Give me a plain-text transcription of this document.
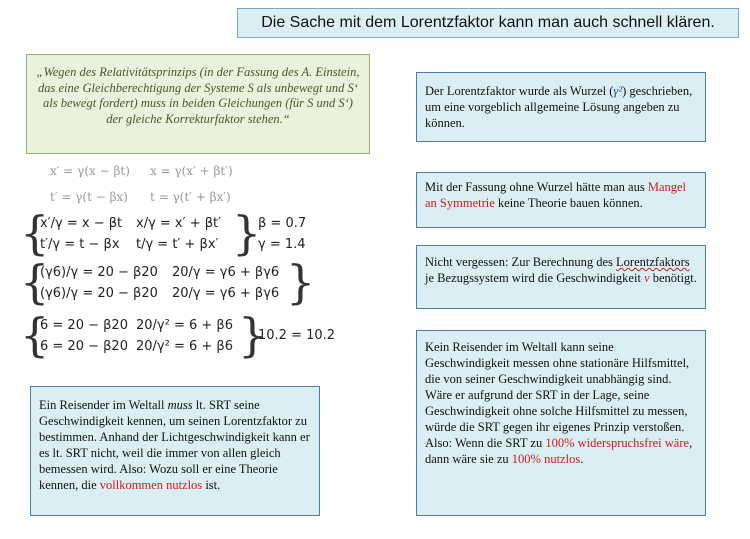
Die Sache mit dem Lorentzfaktor kann man auch schnell klären.
„Wegen des Relativitätsprinzips (in der Fassung des A. Einstein, das eine Gleichberechtigung der Systeme S als unbewegt und S‘ als bewegt fordert) muss in beiden Gleichungen (für S und S‘) der gleiche Korrekturfaktor stehen.“
x′ = γ(x − βt) x = γ(x′ + βt′)
t′ = γ(t − βx) t = γ(t′ + βx′)
{
x′/γ = x − βt x/γ = x′ + βt′
t′/γ = t − βx t/γ = t′ + βx′ }
β = 0.7
γ = 1.4
{
(γ6)/γ = 20 − β20 20/γ = γ6 + βγ6
(γ6)/γ = 20 − β20 20/γ = γ6 + βγ6 }
{
6 = 20 − β20 20/γ² = 6 + β6
6 = 20 − β20 20/γ² = 6 + β6 }
10.2 = 10.2
Der Lorentzfaktor wurde als Wurzel (γ²) geschrieben, um eine vorgeblich allgemeine Lösung angeben zu können.
Mit der Fassung ohne Wurzel hätte man aus Mangel an Symmetrie keine Theorie bauen können.
Nicht vergessen: Zur Berechnung des Lorentzfaktors je Bezugssystem wird die Geschwindigkeit v benötigt.
Kein Reisender im Weltall kann seine Geschwindigkeit messen ohne stationäre Hilfsmittel, die von seiner Geschwindigkeit unabhängig sind.
Wäre er aufgrund der SRT in der Lage, seine Geschwindigkeit ohne solche Hilfsmittel zu messen, würde die SRT gegen ihr eigenes Prinzip verstoßen.
Also: Wenn die SRT zu 100% widerspruchsfrei wäre, dann wäre sie zu 100% nutzlos.
Ein Reisender im Weltall muss lt. SRT seine Geschwindigkeit kennen, um seinen Lorentzfaktor zu bestimmen. Anhand der Lichtgeschwindigkeit kann er es lt. SRT nicht, weil die immer von allen gleich bemessen wird. Also: Wozu soll er eine Theorie kennen, die vollkommen nutzlos ist.
